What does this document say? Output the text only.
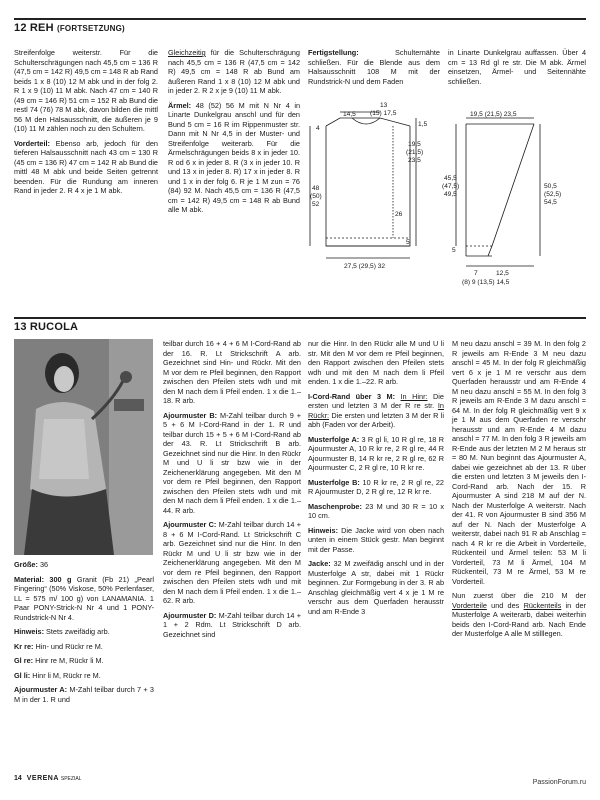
12 REH (FORTSETZUNG)

Streifenfolge weiterstr. Für die Schulterschrägungen nach 45,5 cm = 136 R (47,5 cm = 142 R) 49,5 cm = 148 R ab Rand beids 1 x 8 (10) 12 M abk und in der folg 2. R 1 x 9 (10) 11 M abk. Nach 47 cm = 140 R (49 cm = 146 R) 51 cm = 152 R ab Bund die restl 74 (76) 78 M abk, davon bilden die mittl 56 M den Halsausschnitt, die äußeren je 9 (10) 11 M zählen noch zu den Schultern.

Vorderteil: Ebenso arb, jedoch für den tieferen Halsausschnitt nach 43 cm = 130 R (45 cm = 136 R) 47 cm = 142 R ab Bund die mittl 48 M abk und beide Seiten getrennt beenden. Für die Rundung am inneren Rand in jeder 2. R 4 x je 1 M abk.

Gleichzeitig für die Schulterschrägung nach 45,5 cm = 136 R (47,5 cm = 142 R) 49,5 cm = 148 R ab Bund am äußeren Rand 1 x 8 (10) 12 M abk und in jeder 2. R 2 x je 9 (10) 11 M abk.

Ärmel: 48 (52) 56 M mit N Nr 4 in Linarte Dunkelgrau anschl und für den Bund 5 cm = 16 R im Rippenmuster str. Dann mit N Nr 4,5 in der Muster- und Streifenfolge weiterarb. Für die Ärmelschrägungen beids 8 x in jeder 10. R od 6 x in jeder 8. R (3 x in jeder 10. R und 13 x in jeder 8. R) 17 x in jeder 8. R und 1 x in der folg 6. R je 1 M zun = 76 (84) 92 M. Nach 45,5 cm = 136 R (47,5 cm = 142 R) 49,5 cm = 148 R ab Bund alle M abk.

Fertigstellung: Schulternähte schließen. Für die Blende aus dem Halsausschnitt 108 M mit der Rundstrick-N und dem Faden

in Linarte Dunkelgrau auffassen. Über 4 cm = 13 Rd gl re str. Die M abk. Ärmel einsetzen, Ärmel- und Seitennähte schließen.

14,5
13
(15) 17,5
1,5
4
19,5
(21,5)
23,5
48
(50)
52
26
5
27,5 (29,5) 32
19,5 (21,5) 23,5
45,5
(47,5)
49,5
50,5
(52,5)
54,5
5
7	12,5
(8) 9 (13,5) 14,5
13 RUCOLA

Größe: 36

Material: 300 g Granit (Fb 21) „Pearl Fingering“ (50% Viskose, 50% Perlenfaser, LL = 575 m/ 100 g) von LANAMANIA. 1 Paar PONY-Strick-N Nr 4 und 1 PONY-Rundstrick-N Nr 4.

Hinweis: Stets zweifädig arb.

Kr re: Hin- und Rückr re M.

Gl re: Hinr re M, Rückr li M.

Gl li: Hinr li M, Rückr re M.

Ajourmuster A: M-Zahl teilbar durch 7 + 3 M in der 1. R und

teilbar durch 16 + 4 + 6 M I-Cord-Rand ab der 16. R. Lt Strickschrift A arb. Gezeichnet sind Hin- und Rückr. Mit den M vor dem re Pfeil beginnen, den Rapport zwischen den Pfeilen stets wdh und mit den M nach dem li Pfeil enden. 1 x die 1.–18. R arb.

Ajourmuster B: M-Zahl teilbar durch 9 + 5 + 6 M I-Cord-Rand in der 1. R und teilbar durch 15 + 5 + 6 M I-Cord-Rand ab der 43. R. Lt Strickschrift B arb. Gezeichnet sind nur die Hinr. In den Rückr M und U li str bzw wie in der Zeichenerklärung angegeben. Mit den M vor dem re Pfeil beginnen, den Rapport zwischen den Pfeilen stets wdh und mit den M nach dem li Pfeil enden. 1 x die 1.–44. R arb.

Ajourmuster C: M-Zahl teilbar durch 14 + 8 + 6 M I-Cord-Rand. Lt Strickschrift C arb. Gezeichnet sind nur die Hinr. In den Rückr M und U li str bzw wie in der Zeichenerklärung angegeben. Mit den M vor dem re Pfeil beginnen, den Rapport zwischen den Pfeilen stets wdh und mit den M nach dem li Pfeil enden. 1 x die 1.–62. R arb.

Ajourmuster D: M-Zahl teilbar durch 14 + 1 + 2 Rdm. Lt Strickschrift D arb. Gezeichnet sind

nur die Hinr. In den Rückr alle M und U li str. Mit den M vor dem re Pfeil beginnen, den Rapport zwischen den Pfeilen stets wdh und mit den M nach dem li Pfeil enden. 1 x die 1.–22. R arb.

I-Cord-Rand über 3 M: In Hinr: Die ersten und letzten 3 M der R re str. In Rückr: Die ersten und letzten 3 M der R li abh (Faden vor der Arbeit).

Musterfolge A: 3 R gl li, 10 R gl re, 18 R Ajourmuster A, 10 R kr re, 2 R gl re, 44 R Ajourmuster B, 14 R kr re, 2 R gl re, 62 R Ajourmuster C, 2 R gl re, 10 R kr re.

Musterfolge B: 10 R kr re, 2 R gl re, 22 R Ajourmuster D, 2 R gl re, 12 R kr re.

Maschenprobe: 23 M und 30 R = 10 x 10 cm.

Hinweis: Die Jacke wird von oben nach unten in einem Stück gestr. Man beginnt mit der Passe.

Jacke: 32 M zweifädig anschl und in der Musterfolge A str, dabei mit 1 Rückr beginnen. Zur Formgebung in der 3. R ab Anschlag gleichmäßig vert 4 x je 1 M re verschr aus dem Querfaden herausstr und am R-Ende 3

M neu dazu anschl = 39 M. In den folg 2 R jeweils am R-Ende 3 M neu dazu anschl = 45 M. In der folg R gleichmäßig vert 6 x je 1 M re verschr aus dem Querfaden herausstr und am R-Ende 4 M neu dazu anschl = 55 M. In den folg 3 R jeweils am R-Ende 3 M dazu anschl = 64 M. In der folg R gleichmäßig vert 9 x je 1 M aus dem Querfaden re verschr herausstr und am R-Ende 4 M dazu anschl = 77 M. In den folg 3 R jeweils am R-Ende aus der letzten M 2 M heraus str = 80 M. Nun beginnt das Ajourmuster A, dabei wie gezeichnet ab der 13. R über die ersten und letzten 3 M jeweils den I-Cord-Rand arb. Nach der 15. R Ajourmuster A sind 218 M auf der N. Nach der Musterfolge A weiterstr. Nach der 41. R von Ajourmuster B sind 356 M auf der N. Nach der Musterfolge A weiterstr, dabei nach 91 R ab Anschlag = nach 4 R kr re die Arbeit in Vorderteile, Rückenteil und Ärmel teilen: 53 M li Vorderteil, 73 M li Ärmel, 104 M Rückenteil, 73 M re Ärmel, 53 M re Vorderteil.

Nun zuerst über die 210 M der Vorderteile und des Rückenteils in der Musterfolge A weiterarb, dabei weiterhin beids den I-Cord-Rand arb. Nach Ende der Musterfolge A alle M stilllegen.

14 VERENA SPEZIAL	PassionForum.ru
